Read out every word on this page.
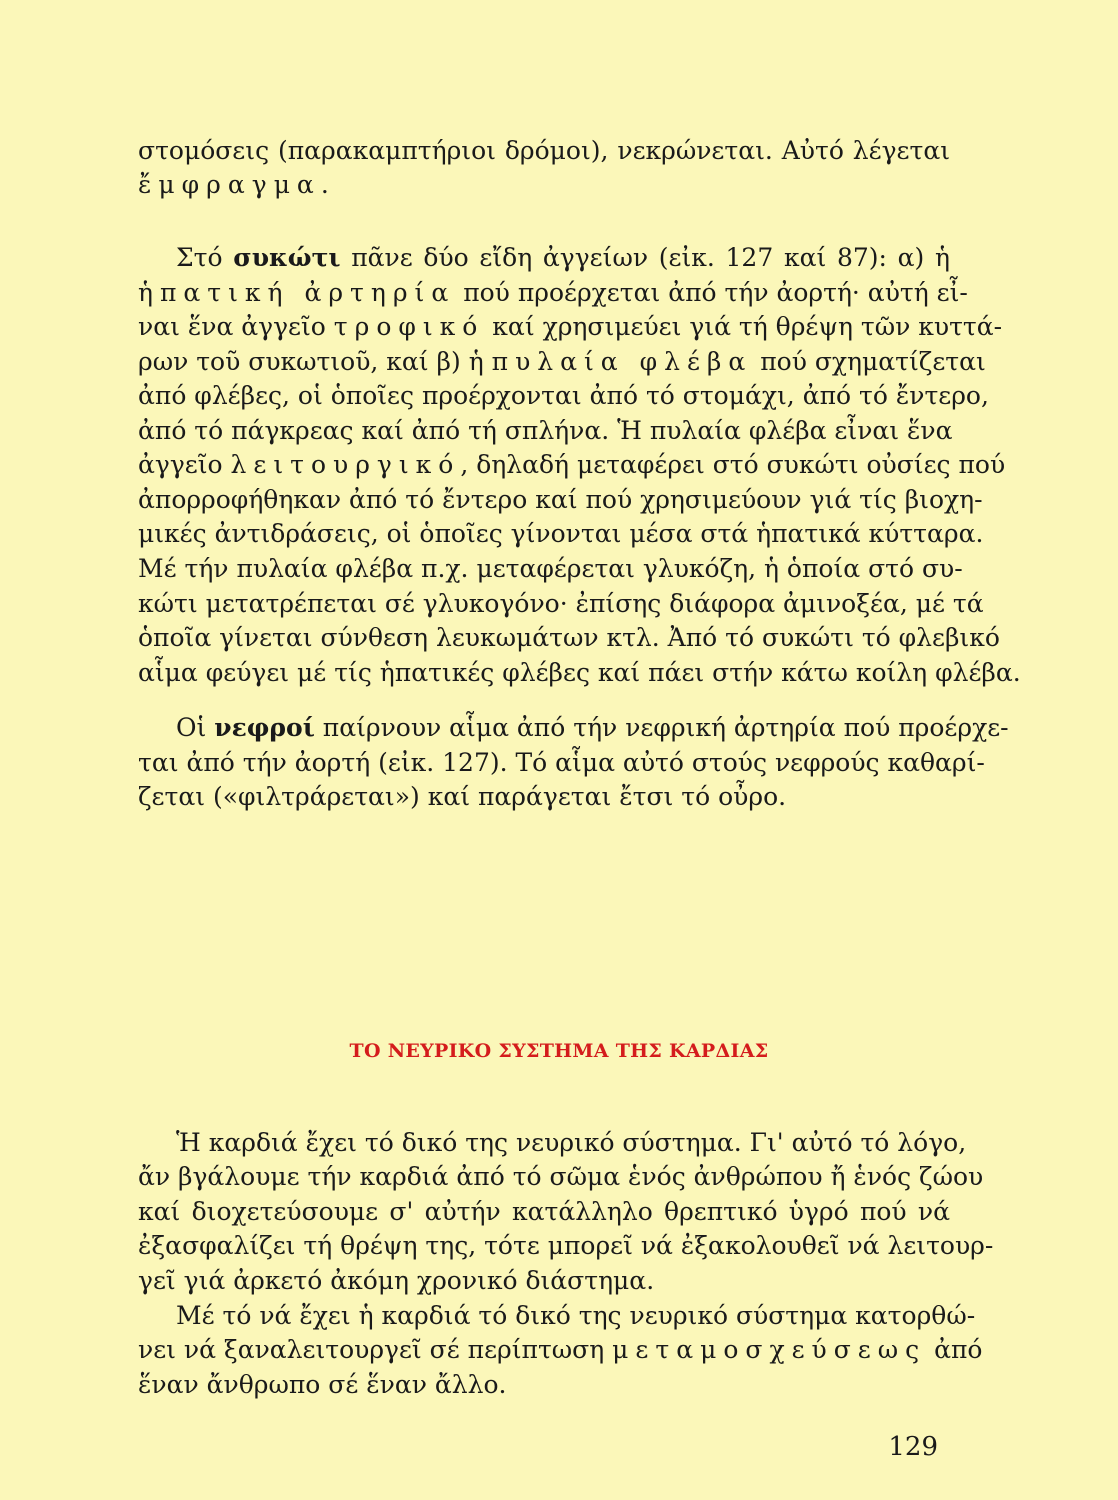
στομόσεις (παρακαμπτήριοι δρόμοι), νεκρώνεται. Αὐτό λέγεται
ἔμφραγμα.
Στό συκώτι πᾶνε δύο εἴδη ἀγγείων (εἰκ. 127 καί 87): α) ἡ
ἡπατική ἀρτηρία πού προέρχεται ἀπό τήν ἀορτή· αὐτή εἶ-
ναι ἕνα ἀγγεῖο τροφικό καί χρησιμεύει γιά τή θρέψη τῶν κυττά-
ρων τοῦ συκωτιοῦ, καί β) ἡ πυλαία φλέβα πού σχηματίζεται
ἀπό φλέβες, οἱ ὁποῖες προέρχονται ἀπό τό στομάχι, ἀπό τό ἔντερο,
ἀπό τό πάγκρεας καί ἀπό τή σπλήνα. Ἡ πυλαία φλέβα εἶναι ἕνα
ἀγγεῖο λειτουργικό, δηλαδή μεταφέρει στό συκώτι οὐσίες πού
ἀπορροφήθηκαν ἀπό τό ἔντερο καί πού χρησιμεύουν γιά τίς βιοχη-
μικές ἀντιδράσεις, οἱ ὁποῖες γίνονται μέσα στά ἡπατικά κύτταρα.
Μέ τήν πυλαία φλέβα π.χ. μεταφέρεται γλυκόζη, ἡ ὁποία στό συ-
κώτι μετατρέπεται σέ γλυκογόνο· ἐπίσης διάφορα ἀμινοξέα, μέ τά
ὁποῖα γίνεται σύνθεση λευκωμάτων κτλ. Ἀπό τό συκώτι τό φλεβικό
αἷμα φεύγει μέ τίς ἡπατικές φλέβες καί πάει στήν κάτω κοίλη φλέβα.
Οἱ νεφροί παίρνουν αἷμα ἀπό τήν νεφρική ἀρτηρία πού προέρχε-
ται ἀπό τήν ἀορτή (εἰκ. 127). Τό αἷμα αὐτό στούς νεφρούς καθαρί-
ζεται («φιλτράρεται») καί παράγεται ἔτσι τό οὖρο.
ΤΟ ΝΕΥΡΙΚΟ ΣΥΣΤΗΜΑ ΤΗΣ ΚΑΡΔΙΑΣ
Ἡ καρδιά ἔχει τό δικό της νευρικό σύστημα. Γι' αὐτό τό λόγο,
ἄν βγάλουμε τήν καρδιά ἀπό τό σῶμα ἑνός ἀνθρώπου ἤ ἑνός ζώου
καί διοχετεύσουμε σ' αὐτήν κατάλληλο θρεπτικό ὑγρό πού νά
ἐξασφαλίζει τή θρέψη της, τότε μπορεῖ νά ἐξακολουθεῖ νά λειτουρ-
γεῖ γιά ἀρκετό ἀκόμη χρονικό διάστημα.
Μέ τό νά ἔχει ἡ καρδιά τό δικό της νευρικό σύστημα κατορθώ-
νει νά ξαναλειτουργεῖ σέ περίπτωση μεταμοσχεύσεως ἀπό
ἕναν ἄνθρωπο σέ ἕναν ἄλλο.
129
